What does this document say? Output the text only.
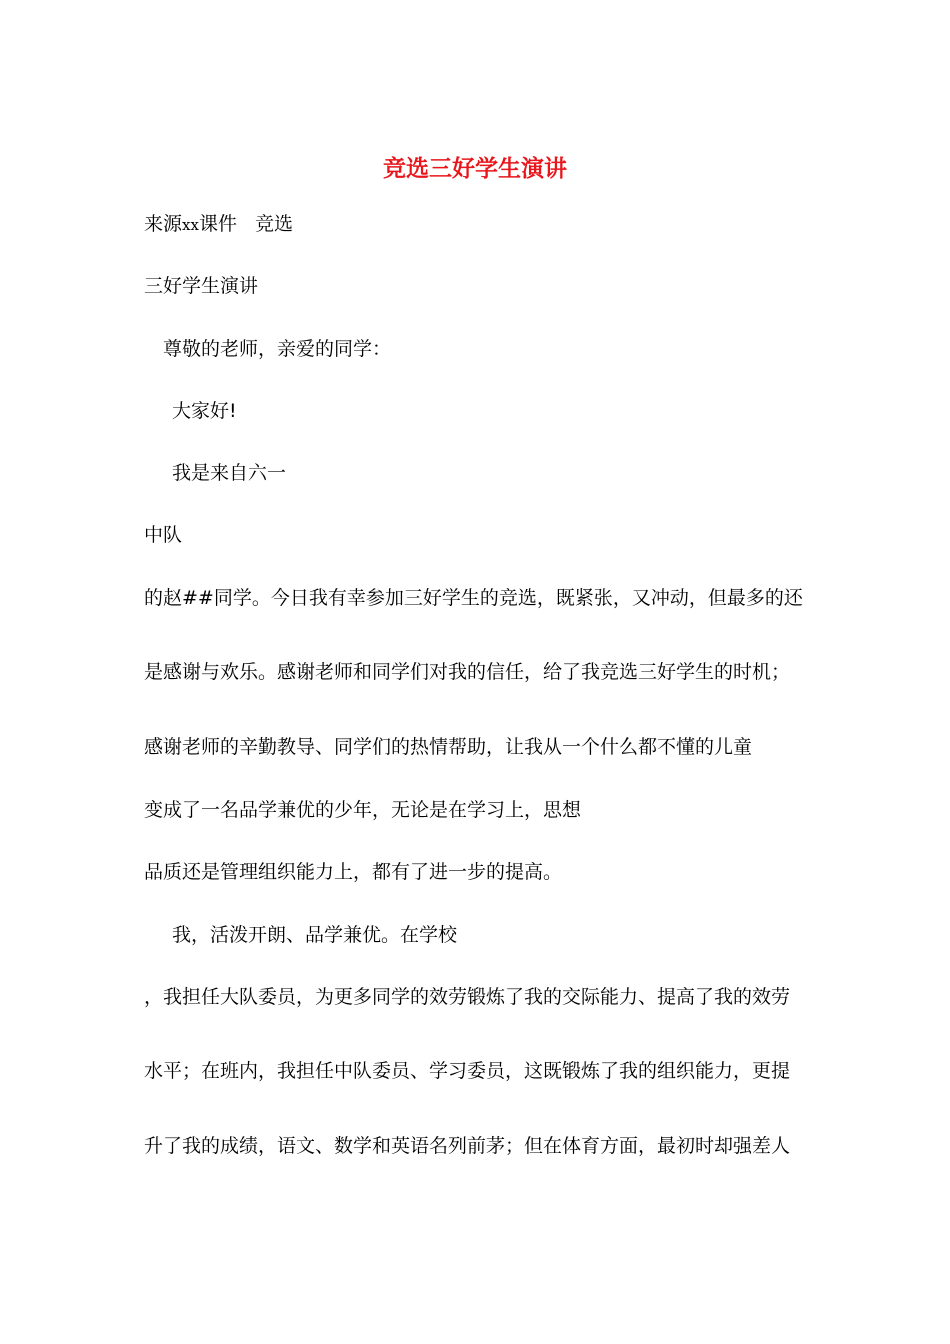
竞选三好学生演讲
来源xx课件 竞选
三好学生演讲
尊敬的老师，亲爱的同学：
大家好!
我是来自六一
中队
的赵##同学。今日我有幸参加三好学生的竞选，既紧张，又冲动，但最多的还
是感谢与欢乐。感谢老师和同学们对我的信任，给了我竞选三好学生的时机；
感谢老师的辛勤教导、同学们的热情帮助，让我从一个什么都不懂的儿童
变成了一名品学兼优的少年，无论是在学习上，思想
品质还是管理组织能力上，都有了进一步的提高。
我，活泼开朗、品学兼优。在学校
，我担任大队委员，为更多同学的效劳锻炼了我的交际能力、提高了我的效劳
水平；在班内，我担任中队委员、学习委员，这既锻炼了我的组织能力，更提
升了我的成绩，语文、数学和英语名列前茅；但在体育方面，最初时却强差人
